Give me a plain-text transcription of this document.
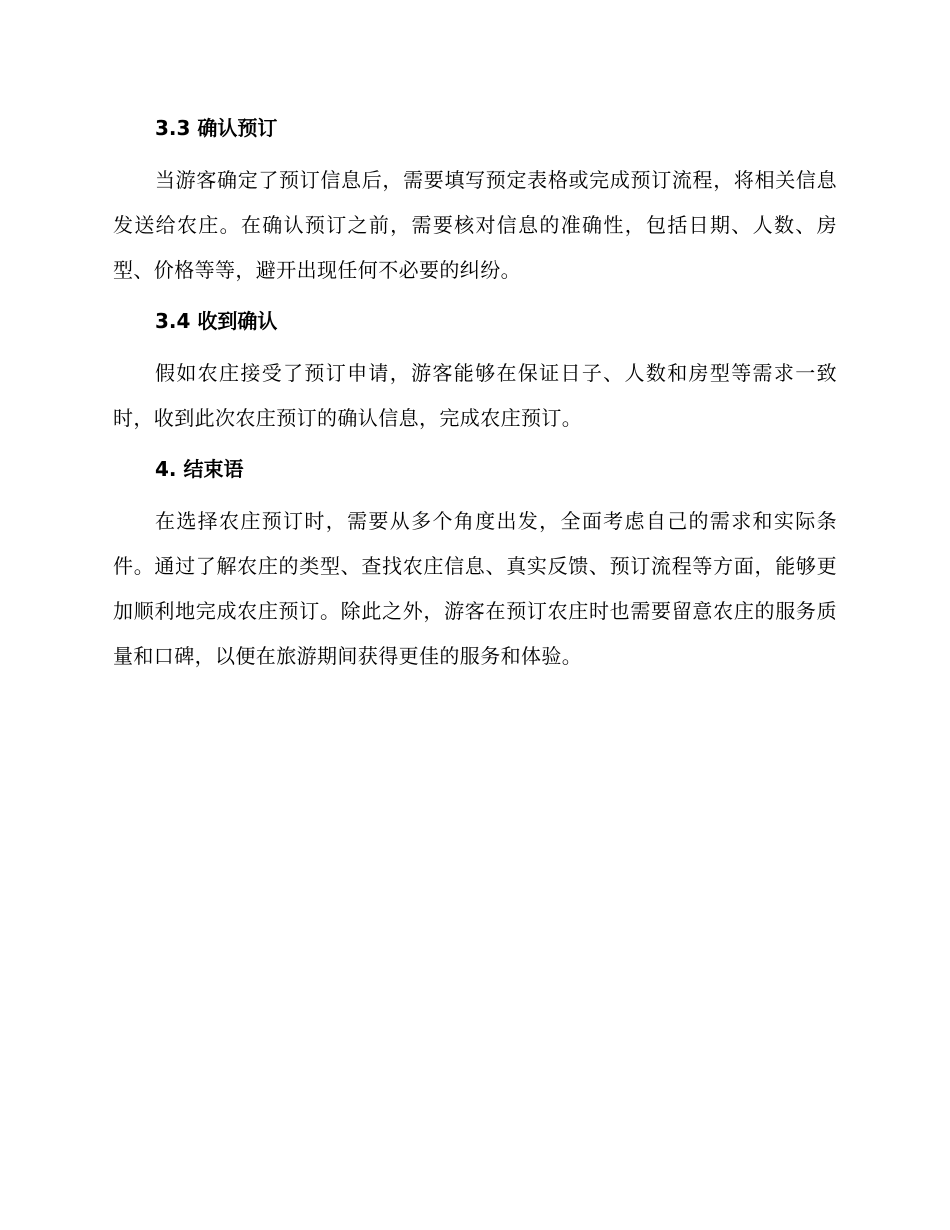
3.3 确认预订

当游客确定了预订信息后，需要填写预定表格或完成预订流程，将相关信息发送给农庄。在确认预订之前，需要核对信息的准确性，包括日期、人数、房型、价格等等，避开出现任何不必要的纠纷。

3.4 收到确认

假如农庄接受了预订申请，游客能够在保证日子、人数和房型等需求一致时，收到此次农庄预订的确认信息，完成农庄预订。

4. 结束语

在选择农庄预订时，需要从多个角度出发，全面考虑自己的需求和实际条件。通过了解农庄的类型、查找农庄信息、真实反馈、预订流程等方面，能够更加顺利地完成农庄预订。除此之外，游客在预订农庄时也需要留意农庄的服务质量和口碑，以便在旅游期间获得更佳的服务和体验。
